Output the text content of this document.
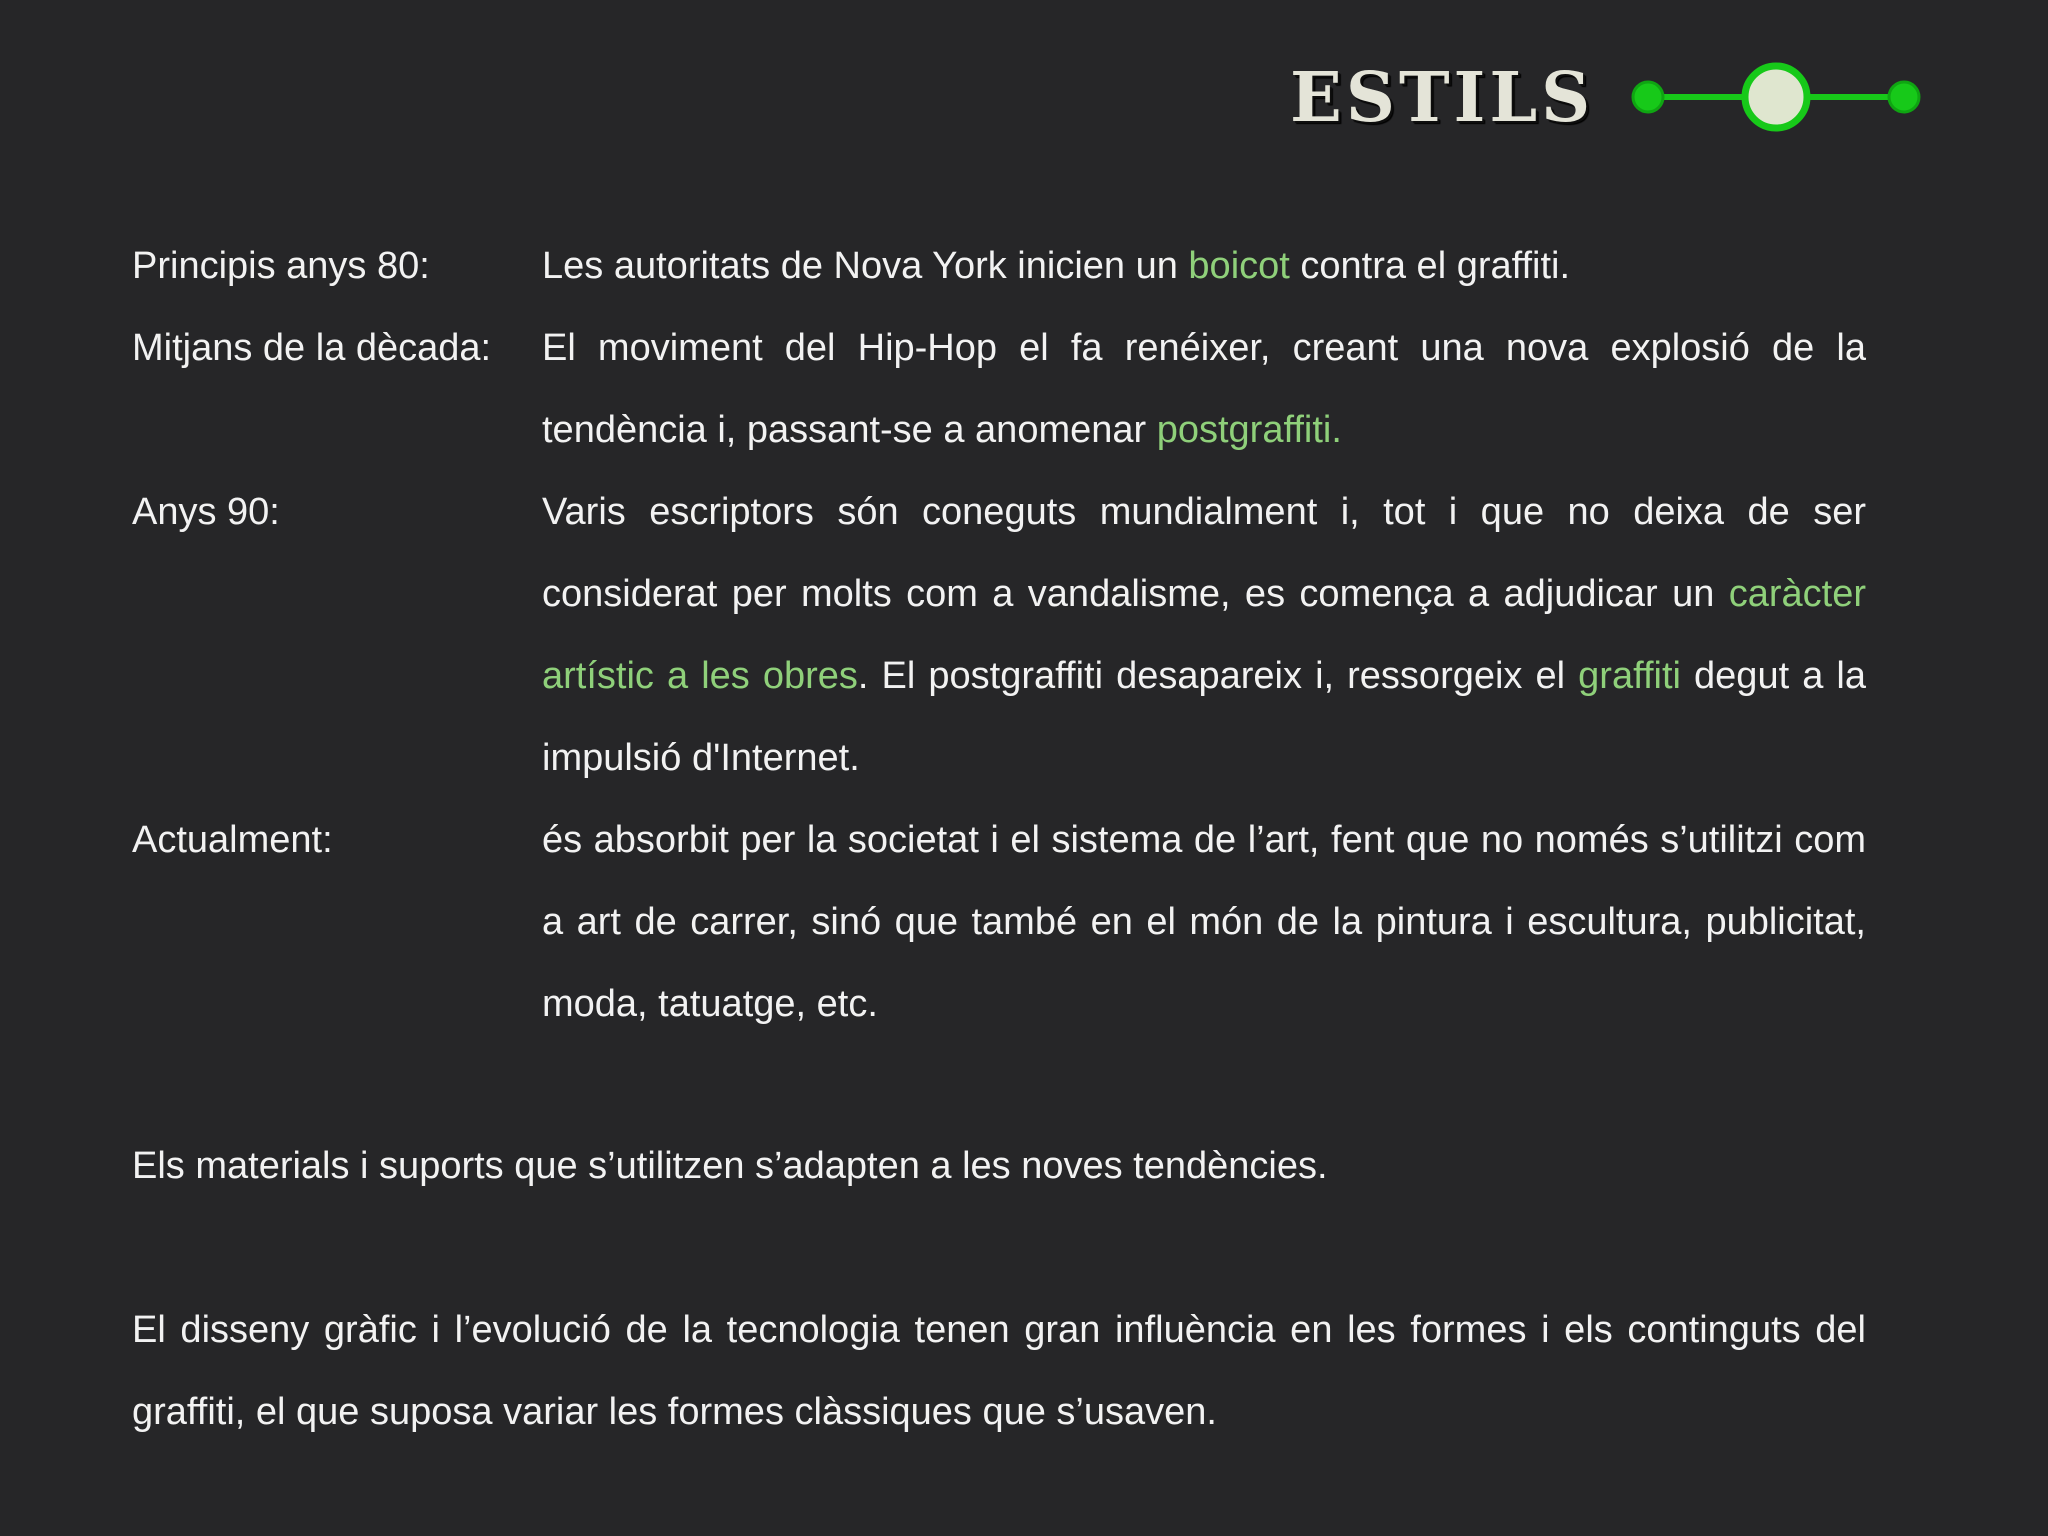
ESTILS
Principis anys 80:	Les autoritats de Nova York inicien un boicot contra el graffiti.
Mitjans de la dècada:	El moviment del Hip-Hop el fa renéixer, creant una nova explosió de la tendència i, passant-se a anomenar postgraffiti.
Anys 90:	Varis escriptors són coneguts mundialment i, tot i que no deixa de ser considerat per molts com a vandalisme, es comença a adjudicar un caràcter artístic a les obres. El postgraffiti desapareix i, ressorgeix el graffiti degut a la impulsió d'Internet.
Actualment:	és absorbit per la societat i el sistema de l’art, fent que no només s’utilitzi com a art de carrer, sinó que també en el món de la pintura i escultura, publicitat, moda, tatuatge, etc.

Els materials i suports que s’utilitzen s’adapten a les noves tendències.

El disseny gràfic i l’evolució de la tecnologia tenen gran influència en les formes i els continguts del graffiti, el que suposa variar les formes clàssiques que s’usaven.
